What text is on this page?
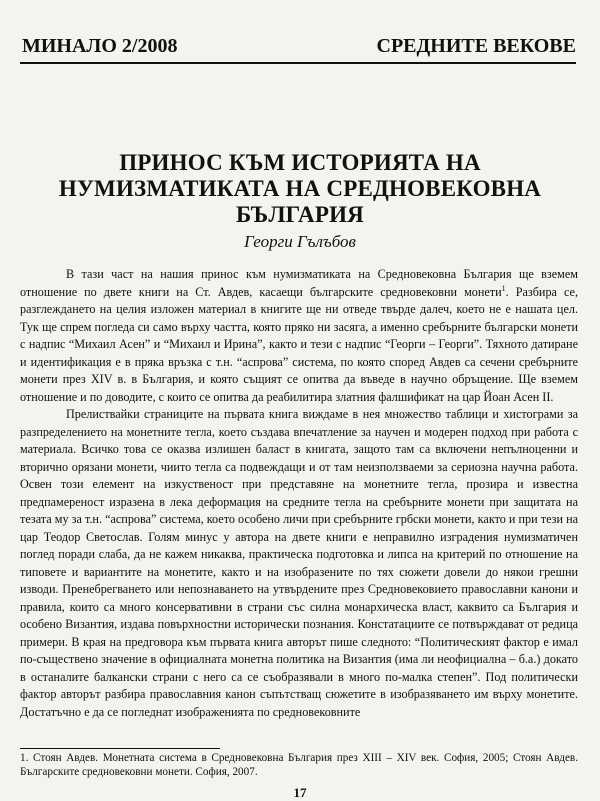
МИНАЛО 2/2008	СРЕДНИТЕ ВЕКОВЕ
ПРИНОС КЪМ ИСТОРИЯТА НА
НУМИЗМАТИКАТА НА СРЕДНОВЕКОВНА
БЪЛГАРИЯ
Георги Гълъбов

В тази част на нашия принос към нумизматиката на Средновековна България ще вземем отношение по двете книги на Ст. Авдев, касаещи българските средновековни монети$^1$. Разбира се, разглеждането на целия изложен материал в книгите ще ни отведе твърде далеч, което не е нашата цел. Тук ще спрем погледа си само върху частта, която пряко ни засяга, а именно сребърните български монети с надпис “Михаил Асен” и “Михаил и Ирина”, както и тези с надпис “Георги – Георги”. Тяхното датиране и идентификация е в пряка връзка с т.н. “аспрова” система, по която според Авдев са сечени сребърните монети през XIV в. в България, и която същият се опитва да въведе в научно обръщение. Ще вземем отношение и по доводите, с които се опитва да реабилитира златния фалшификат на цар Йоан Асен II.

Прелиствайки страниците на първата книга виждаме в нея множество таблици и хистограми за разпределението на монетните тегла, което създава впечатление за научен и модерен подход при работа с материала. Всичко това се оказва излишен баласт в книгата, защото там са включени непълноценни и вторично орязани монети, чиито тегла са подвеждащи и от там неизползваеми за сериозна научна работа. Освен този елемент на изкуственост при представяне на монетните тегла, прозира и известна предпамереност изразена в лека деформация на средните тегла на сребърните монети при защитата на тезата му за т.н. “аспрова” система, което особено личи при сребърните грбски монети, както и при тези на цар Теодор Светослав. Голям минус у автора на двете книги е неправилно изградения нумизматичен поглед поради слаба, да не кажем никаква, практическа подготовка и липса на критерий по отношение на типовете и вариантите на монетите, както и на изобразените по тях сюжети довели до някои грешни изводи. Пренебрегването или непознаването на утвърдените през Средновековието православни канони и правила, които са много консервативни в страни със силна монархическа власт, каквито са България и особено Византия, издава повърхностни исторически познания. Констатациите се потвърждават от редица примери. В края на предговора към първата книга авторът пише следното: “Политическият фактор е имал по-съществено значение в официалната монетна политика на Византия (има ли неофициална – б.а.) докато в останалите балкански страни с него са се съобразявали в много по-малка степен”. Под политически фактор авторът разбира православния канон съпътстващ сюжетите в изобразяването им върху монетите. Достатъчно е да се погледнат изображенията по средновековните

1. Стоян Авдев. Монетната система в Средновековна България през XIII – XIV век. София, 2005; Стоян Авдев. Българските средновековни монети. София, 2007.
17
